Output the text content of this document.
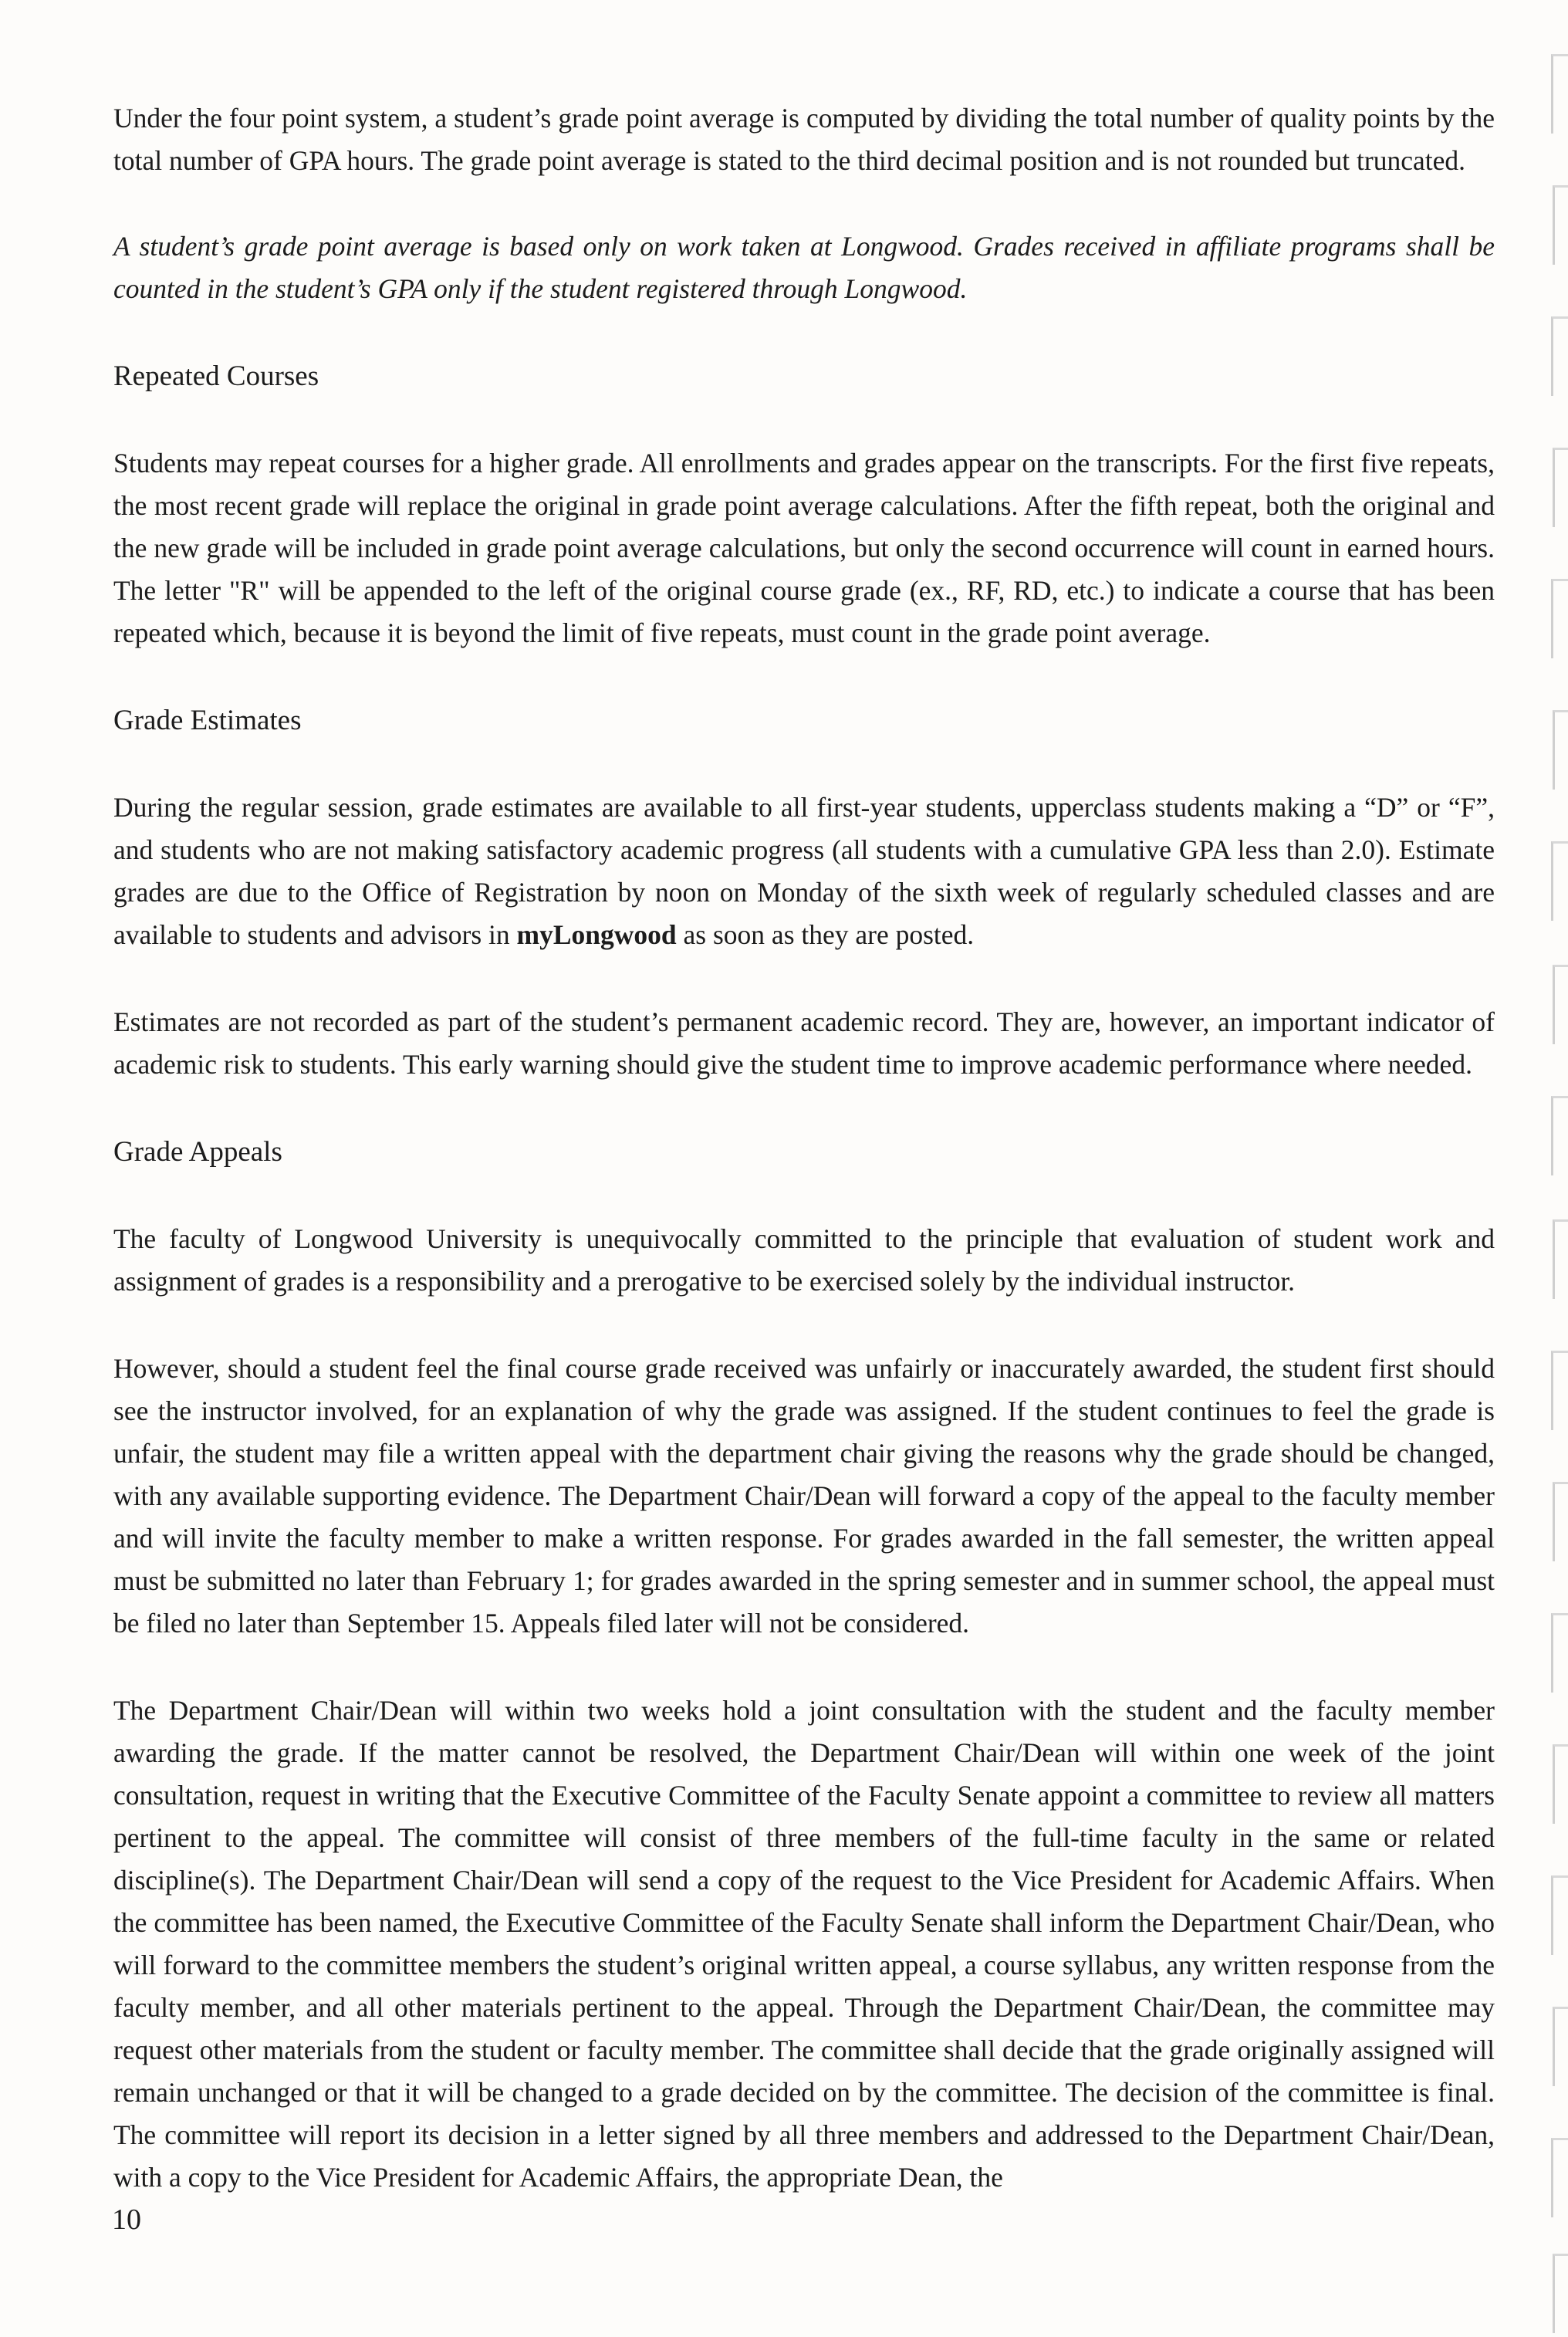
Under the four point system, a student’s grade point average is computed by dividing the total number of quality points by the total number of GPA hours. The grade point average is stated to the third decimal position and is not rounded but truncated.

A student’s grade point average is based only on work taken at Longwood. Grades received in affiliate programs shall be counted in the student’s GPA only if the student registered through Longwood.

Repeated Courses

Students may repeat courses for a higher grade. All enrollments and grades appear on the transcripts. For the first five repeats, the most recent grade will replace the original in grade point average calculations. After the fifth repeat, both the original and the new grade will be included in grade point average calculations, but only the second occurrence will count in earned hours. The letter "R" will be appended to the left of the original course grade (ex., RF, RD, etc.) to indicate a course that has been repeated which, because it is beyond the limit of five repeats, must count in the grade point average.

Grade Estimates

During the regular session, grade estimates are available to all first-year students, upperclass students making a “D” or “F”, and students who are not making satisfactory academic progress (all students with a cumulative GPA less than 2.0). Estimate grades are due to the Office of Registration by noon on Monday of the sixth week of regularly scheduled classes and are available to students and advisors in myLongwood as soon as they are posted.

Estimates are not recorded as part of the student’s permanent academic record. They are, however, an important indicator of academic risk to students. This early warning should give the student time to improve academic performance where needed.

Grade Appeals

The faculty of Longwood University is unequivocally committed to the principle that evaluation of student work and assignment of grades is a responsibility and a prerogative to be exercised solely by the individual instructor.

However, should a student feel the final course grade received was unfairly or inaccurately awarded, the student first should see the instructor involved, for an explanation of why the grade was assigned. If the student continues to feel the grade is unfair, the student may file a written appeal with the department chair giving the reasons why the grade should be changed, with any available supporting evidence. The Department Chair/Dean will forward a copy of the appeal to the faculty member and will invite the faculty member to make a written response. For grades awarded in the fall semester, the written appeal must be submitted no later than February 1; for grades awarded in the spring semester and in summer school, the appeal must be filed no later than September 15. Appeals filed later will not be considered.

The Department Chair/Dean will within two weeks hold a joint consultation with the student and the faculty member awarding the grade. If the matter cannot be resolved, the Department Chair/Dean will within one week of the joint consultation, request in writing that the Executive Committee of the Faculty Senate appoint a committee to review all matters pertinent to the appeal. The committee will consist of three members of the full-time faculty in the same or related discipline(s). The Department Chair/Dean will send a copy of the request to the Vice President for Academic Affairs. When the committee has been named, the Executive Committee of the Faculty Senate shall inform the Department Chair/Dean, who will forward to the committee members the student’s original written appeal, a course syllabus, any written response from the faculty member, and all other materials pertinent to the appeal. Through the Department Chair/Dean, the committee may request other materials from the student or faculty member. The committee shall decide that the grade originally assigned will remain unchanged or that it will be changed to a grade decided on by the committee. The decision of the committee is final. The committee will report its decision in a letter signed by all three members and addressed to the Department Chair/Dean, with a copy to the Vice President for Academic Affairs, the appropriate Dean, the

10
